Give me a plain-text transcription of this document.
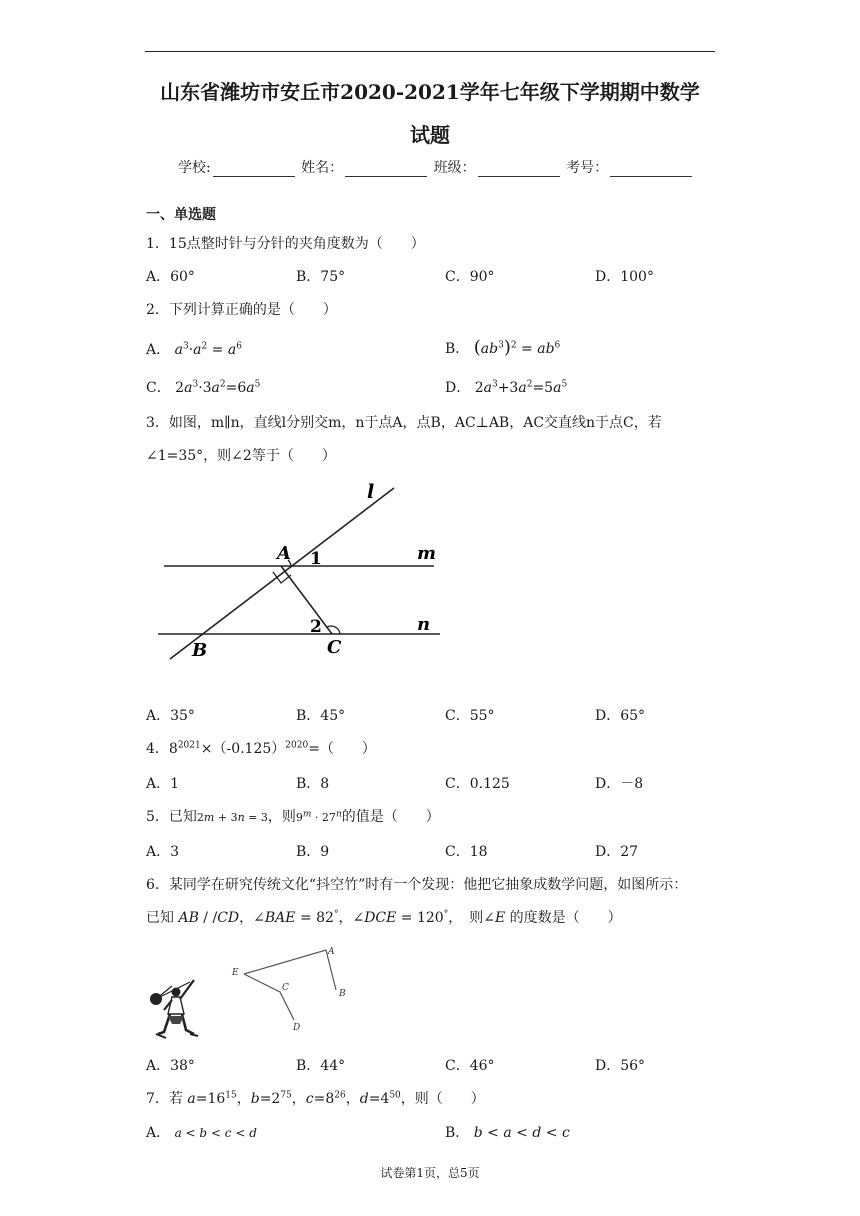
山东省潍坊市安丘市2020-2021学年七年级下学期期中数学
试题
学校:	姓名：	班级：	考号：
一、单选题
1．15点整时针与分针的夹角度数为（　　）
A．60°	B．75°	C．90°	D．100°
2．下列计算正确的是（　　）
A． $a^3\cdot a^2 = a^6$	B． $(ab^3)^2 = ab^6$
C． $2a^3\cdot 3a^2=6a^5$	D． $2a^3+3a^2=5a^5$
3．如图，m∥n，直线l分别交m，n于点A，点B，AC⊥AB，AC交直线n于点C，若
∠1=35°，则∠2等于（　　）
l
m
n
A 1
2
B	C
A．35°	B．45°	C．55°	D．65°
4．$8^{2021}\times(-0.125)^{2020}=$（　　）
A．1	B．8	C．0.125	D．－8
5．已知2m + 3n = 3，则$9^m \cdot 27^n$的值是（　　）
A．3	B．9	C．18	D．27
6．某同学在研究传统文化“抖空竹”时有一个发现：他把它抽象成数学问题，如图所示：
已知 AB / /CD，∠BAE = 82°，∠DCE = 120°，　则∠E 的度数是（　　）
E
A
B
C
D
A．38°	B．44°	C．46°	D．56°
7．若 $a=16^{15}$，$b=2^{75}$，$c=8^{26}$，$d=4^{50}$，则（　　）
A． a < b < c < d	B． b < a < d < c
试卷第1页，总5页
